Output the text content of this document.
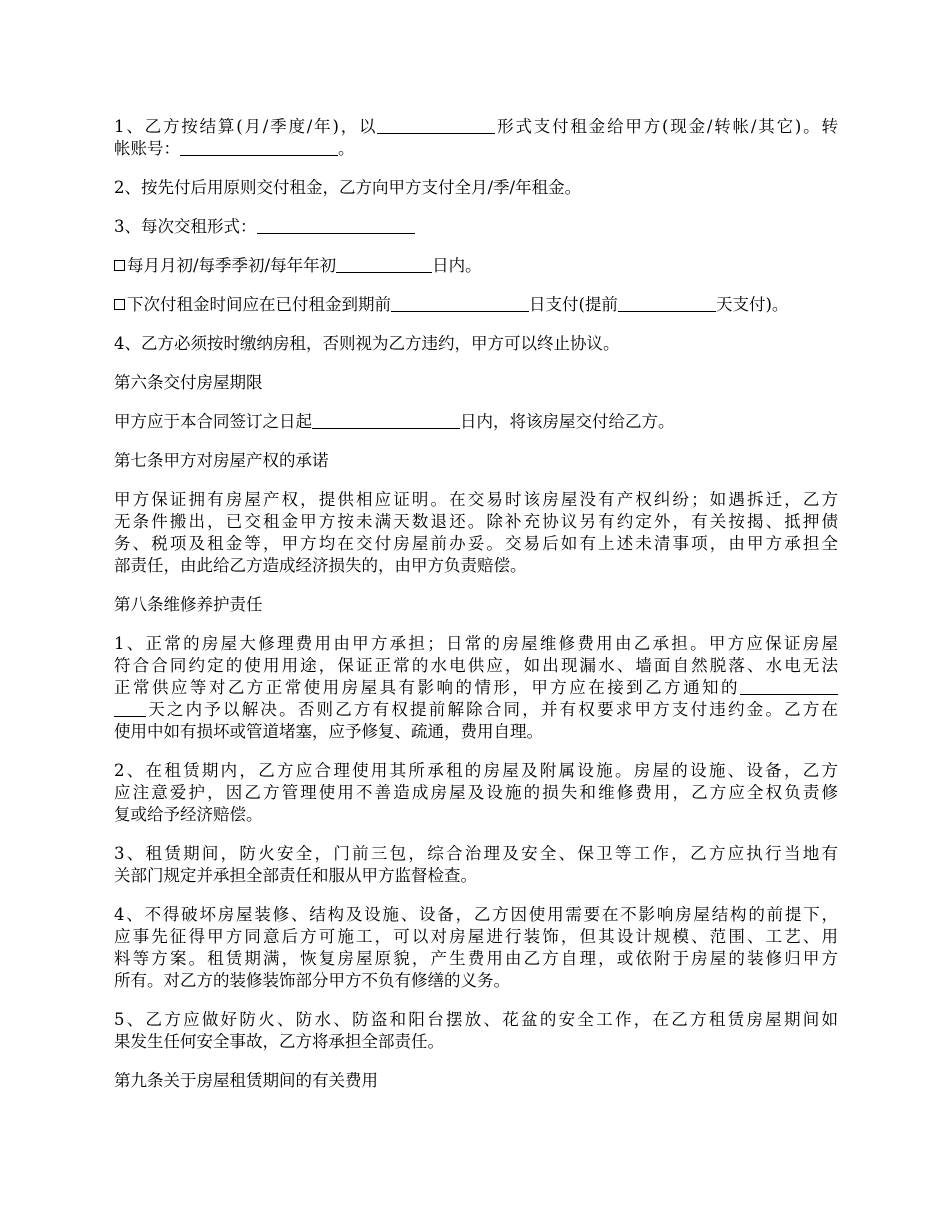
1、乙方按结算(月/季度/年)，以	形式支付租金给甲方(现金/转帐/其它)。转
帐账号：	。
2、按先付后用原则交付租金，乙方向甲方支付全月/季/年租金。
3、每次交租形式：
每月月初/每季季初/每年年初	日内。
下次付租金时间应在已付租金到期前	日支付(提前	天支付)。
4、乙方必须按时缴纳房租，否则视为乙方违约，甲方可以终止协议。
第六条交付房屋期限
甲方应于本合同签订之日起	日内，将该房屋交付给乙方。
第七条甲方对房屋产权的承诺
甲方保证拥有房屋产权，提供相应证明。在交易时该房屋没有产权纠纷；如遇拆迁，乙方
无条件搬出，已交租金甲方按未满天数退还。除补充协议另有约定外，有关按揭、抵押债
务、税项及租金等，甲方均在交付房屋前办妥。交易后如有上述未清事项，由甲方承担全
部责任，由此给乙方造成经济损失的，由甲方负责赔偿。
第八条维修养护责任
1、正常的房屋大修理费用由甲方承担；日常的房屋维修费用由乙承担。甲方应保证房屋
符合合同约定的使用用途，保证正常的水电供应，如出现漏水、墙面自然脱落、水电无法
正常供应等对乙方正常使用房屋具有影响的情形，甲方应在接到乙方通知的
天之内予以解决。否则乙方有权提前解除合同，并有权要求甲方支付违约金。乙方在
使用中如有损坏或管道堵塞，应予修复、疏通，费用自理。
2、在租赁期内，乙方应合理使用其所承租的房屋及附属设施。房屋的设施、设备，乙方
应注意爱护，因乙方管理使用不善造成房屋及设施的损失和维修费用，乙方应全权负责修
复或给予经济赔偿。
3、租赁期间，防火安全，门前三包，综合治理及安全、保卫等工作，乙方应执行当地有
关部门规定并承担全部责任和服从甲方监督检查。
4、不得破坏房屋装修、结构及设施、设备，乙方因使用需要在不影响房屋结构的前提下，
应事先征得甲方同意后方可施工，可以对房屋进行装饰，但其设计规模、范围、工艺、用
料等方案。租赁期满，恢复房屋原貌，产生费用由乙方自理，或依附于房屋的装修归甲方
所有。对乙方的装修装饰部分甲方不负有修缮的义务。
5、乙方应做好防火、防水、防盗和阳台摆放、花盆的安全工作，在乙方租赁房屋期间如
果发生任何安全事故，乙方将承担全部责任。
第九条关于房屋租赁期间的有关费用
